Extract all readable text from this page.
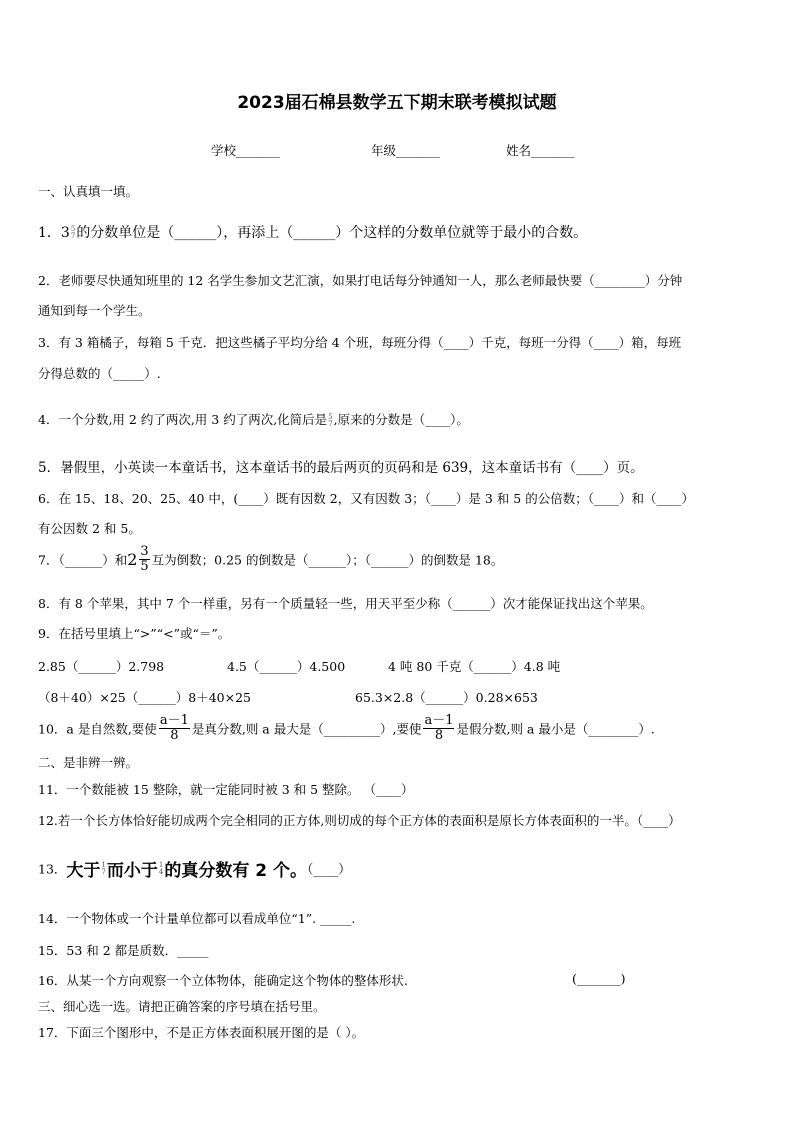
2023届石棉县数学五下期末联考模拟试题
学校_______	年级_______	姓名_______
一、认真填一填。
1．3 5
7 的分数单位是（______），再添上（______）个这样的分数单位就等于最小的合数。
2．老师要尽快通知班里的 12 名学生参加文艺汇演，如果打电话每分钟通知一人，那么老师最快要（________）分钟
通知到每一个学生。
3．有 3 箱橘子，每箱 5 千克．把这些橘子平均分给 4 个班，每班分得（____）千克，每班一分得（____）箱，每班
分得总数的（_____）.
4．一个分数,用 2 约了两次,用 3 约了两次,化简后是 5
7 ,原来的分数是（____）。
5．暑假里，小英读一本童话书，这本童话书的最后两页的页码和是 639，这本童话书有（____）页。
6．在 15、18、20、25、40 中，(____）既有因数 2，又有因数 3；（____）是 3 和 5 的公倍数；（____）和（____）
有公因数 2 和 5。
7．（______）和$2 \frac{3}{5}$ 互为倒数；0.25 的倒数是（______）；（______）的倒数是 18。
8．有 8 个苹果，其中 7 个一样重，另有一个质量轻一些，用天平至少称（______）次才能保证找出这个苹果。
9．在括号里填上“>”“<”或“＝”。
2.85（______）2.798	4.5（______）4.500	4 吨 80 千克（______）4.8 吨
（8＋40）×25（______）8＋40×25	65.3×2.8（______）0.28×653
10．a 是自然数,要使 $\frac{a-1}{8}$ 是真分数,则 a 最大是（_________）,要使 $\frac{a-1}{8}$ 是假分数,则 a 最小是（________）.
二、是非辨一辨。
11．一个数能被 15 整除，就一定能同时被 3 和 5 整除。 （____）
12.若一个长方体恰好能切成两个完全相同的正方体,则切成的每个正方体的表面积是原长方体表面积的一半。（____）
13．大于 1
7 而小于 1
4 的真分数有 2 个。（____）
14．一个物体或一个计量单位都可以看成单位“1”. _____.
15．53 和 2 都是质数．_____
16．从某一个方向观察一个立体物体，能确定这个物体的整体形状.	(_______)
三、细心选一选。请把正确答案的序号填在括号里。
17．下面三个图形中，不是正方体表面积展开图的是（ ）。
